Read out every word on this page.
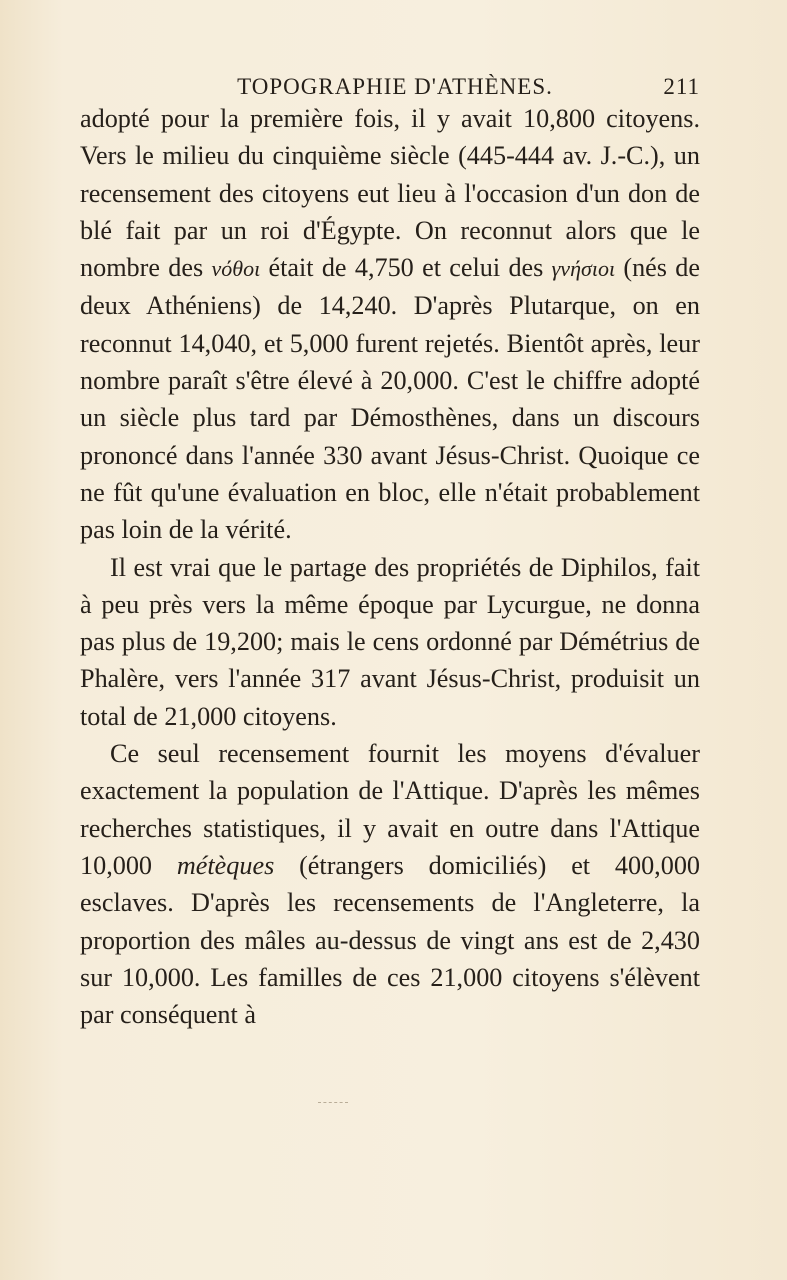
TOPOGRAPHIE D'ATHÈNES.	211

adopté pour la première fois, il y avait 10,800 citoyens. Vers le milieu du cinquième siècle (445-444 av. J.-C.), un recensement des citoyens eut lieu à l'occasion d'un don de blé fait par un roi d'Égypte. On reconnut alors que le nombre des νόθοι était de 4,750 et celui des γνήσιοι (nés de deux Athéniens) de 14,240. D'après Plutarque, on en reconnut 14,040, et 5,000 furent rejetés. Bientôt après, leur nombre paraît s'être élevé à 20,000. C'est le chiffre adopté un siècle plus tard par Démosthènes, dans un discours prononcé dans l'année 330 avant Jésus-Christ. Quoique ce ne fût qu'une évaluation en bloc, elle n'était probablement pas loin de la vérité.

Il est vrai que le partage des propriétés de Diphilos, fait à peu près vers la même époque par Lycurgue, ne donna pas plus de 19,200; mais le cens ordonné par Démétrius de Phalère, vers l'année 317 avant Jésus-Christ, produisit un total de 21,000 citoyens.

Ce seul recensement fournit les moyens d'évaluer exactement la population de l'Attique. D'après les mêmes recherches statistiques, il y avait en outre dans l'Attique 10,000 métèques (étrangers domiciliés) et 400,000 esclaves. D'après les recensements de l'Angleterre, la proportion des mâles au-dessus de vingt ans est de 2,430 sur 10,000. Les familles de ces 21,000 citoyens s'élèvent par conséquent à
